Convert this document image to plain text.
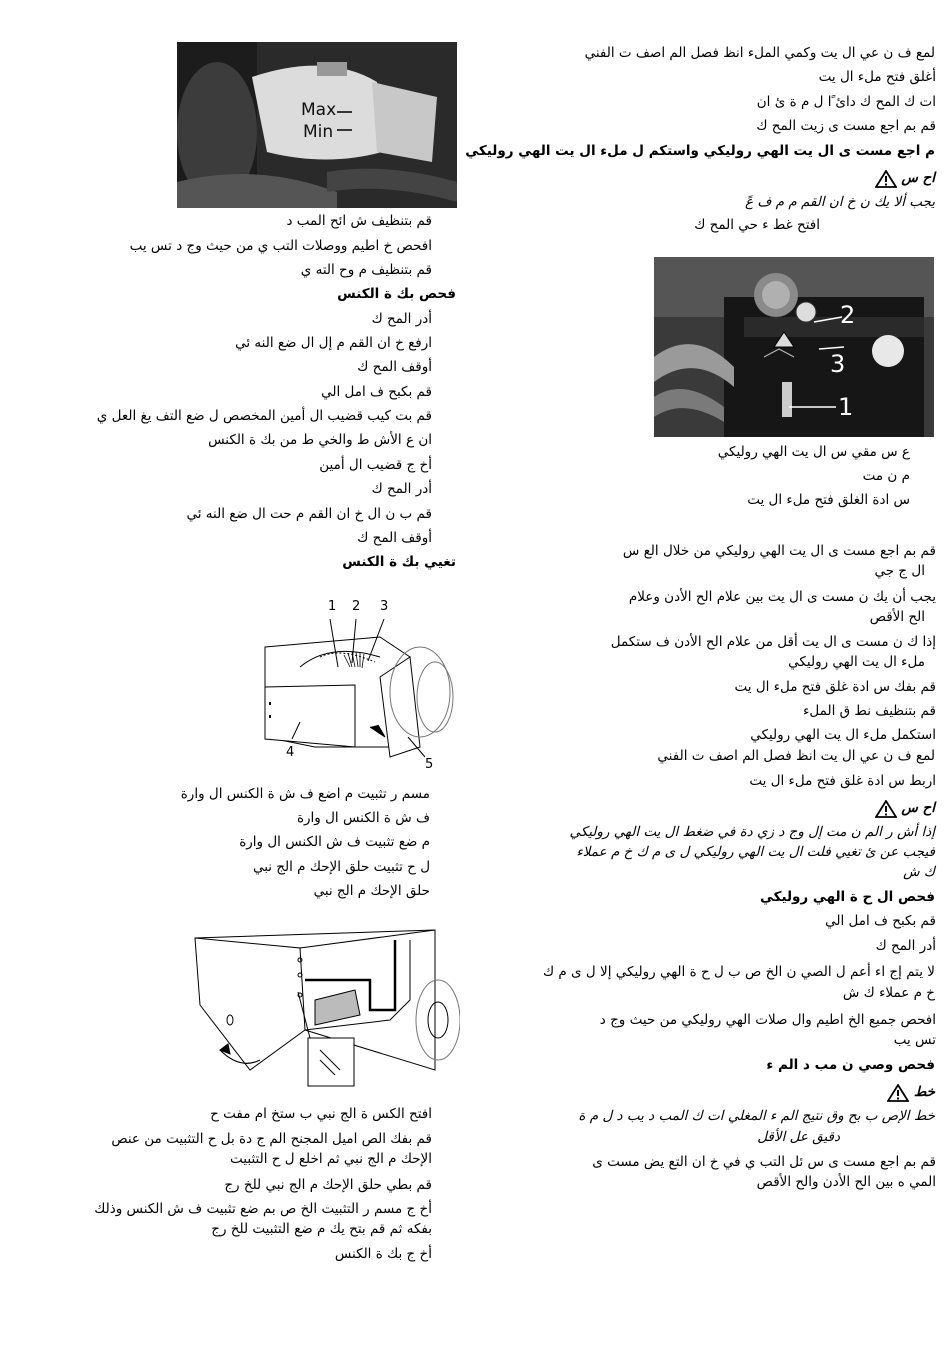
لمع ف ن عي ال يت وكمي الملء انظ فصل الم اصف ت الفني
أغلق فتح ملء ال يت
ات ك المح ك دائ ًا ل م ة ئ ان
قم بم اجع مست ى زيت المح ك
م اجع مست ى ال يت الهي روليكي واستكم ل ملء ال يت الهي روليكي
اح س
يجب ألا يك ن خ ان القم م م ف عً
افتح غط ء حي المح ك
2
3
1
ع س مقي س ال يت الهي روليكي
م ن مت
س ادة الغلق فتح ملء ال يت
قم بم اجع مست ى ال يت الهي روليكي من خلال الع س
ال ج جي
يجب أن يك ن مست ى ال يت بين علام الح الأدن وعلام
الح الأقص
إذا ك ن مست ى ال يت أقل من علام الح الأدن ف ستكمل
ملء ال يت الهي روليكي
قم بفك س ادة غلق فتح ملء ال يت
قم بتنظيف نط ق الملء
استكمل ملء ال يت الهي روليكي
لمع ف ن عي ال يت انظ فصل الم اصف ت الفني
اربط س ادة غلق فتح ملء ال يت
اح س
إذا أش ر الم ن مت إل وج د زي دة في ضغط ال يت الهي روليكي
فيجب عن ئ تغيي فلت ال يت الهي روليكي ل ى م ك خ م عملاء
ك ش
فحص ال ح ة الهي روليكي
قم بكبح ف امل الي
أدر المح ك
لا يتم إج اء أعم ل الصي ن الخ ص ب ل ح ة الهي روليكي إلا ل ى م ك
خ م عملاء ك ش
افحص جميع الخ اطيم وال صلات الهي روليكي من حيث وج د
تس يب
فحص وصي ن مب د الم ء
خط
خط الإص ب بح وق نتيج الم ء المغلي ات ك المب د يب د ل م ة
دقيق عل الأقل
قم بم اجع مست ى س ئل التب ي في خ ان التع يض مست ى
المي ه بين الح الأدن والح الأقص
Max
Min
قم بتنظيف ش ائح المب د
افحص خ اطيم ووصلات التب ي من حيث وج د تس يب
قم بتنظيف م وح الته ي
فحص بك ة الكنس
أدر المح ك
ارفع خ ان القم م إل ال ضع النه ئي
أوقف المح ك
قم بكبح ف امل الي
قم بت كيب قضيب ال أمين المخصص ل ضع التف يغ العل ي
ان ع الأش ط والخي ط من بك ة الكنس
أخ ج قضيب ال أمين
أدر المح ك
قم ب ن ال خ ان القم م حت ال ضع النه ئي
أوقف المح ك
تغيي بك ة الكنس
1 2 3
4
5
مسم ر تثبيت م اضع ف ش ة الكنس ال وارة
ف ش ة الكنس ال وارة
م ضع تثبيت ف ش الكنس ال وارة
ل ح تثبيت حلق الإحك م الج نبي
حلق الإحك م الج نبي
افتح الكس ة الج نبي ب ستخ ام مفت ح
قم بفك الص اميل المجنح الم ج دة بل ح التثبيت من عنص
الإحك م الج نبي ثم اخلع ل ح التثبيت
قم بطي حلق الإحك م الج نبي للخ رج
أخ ج مسم ر التثبيت الخ ص بم ضع تثبيت ف ش الكنس وذلك
بفكه ثم قم بتح يك م ضع التثبيت للخ رج
أخ ج بك ة الكنس
